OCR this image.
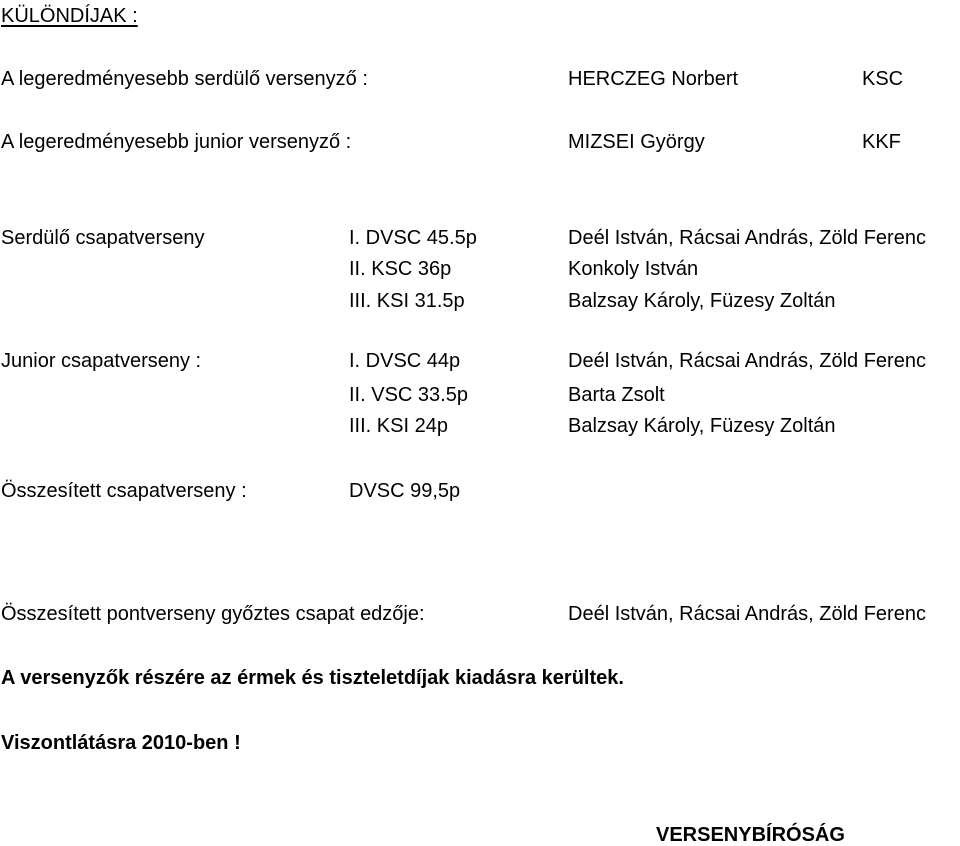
KÜLÖNDÍJAK :
A legeredményesebb serdülő versenyző :	HERCZEG Norbert	KSC
A legeredményesebb junior versenyző :	MIZSEI György	KKF
Serdülő csapatverseny	I. DVSC 45.5p	Deél István, Rácsai András, Zöld Ferenc
II. KSC 36p	Konkoly István
III. KSI 31.5p	Balzsay Károly, Füzesy Zoltán
Junior csapatverseny :	I. DVSC 44p	Deél István, Rácsai András, Zöld Ferenc
II. VSC 33.5p	Barta Zsolt
III. KSI 24p	Balzsay Károly, Füzesy Zoltán
Összesített csapatverseny :	DVSC 99,5p
Összesített pontverseny győztes csapat edzője:	Deél István, Rácsai András, Zöld Ferenc
A versenyzők részére az érmek és tiszteletdíjak kiadásra kerültek.
Viszontlátásra 2010-ben !
VERSENYBÍRÓSÁG
